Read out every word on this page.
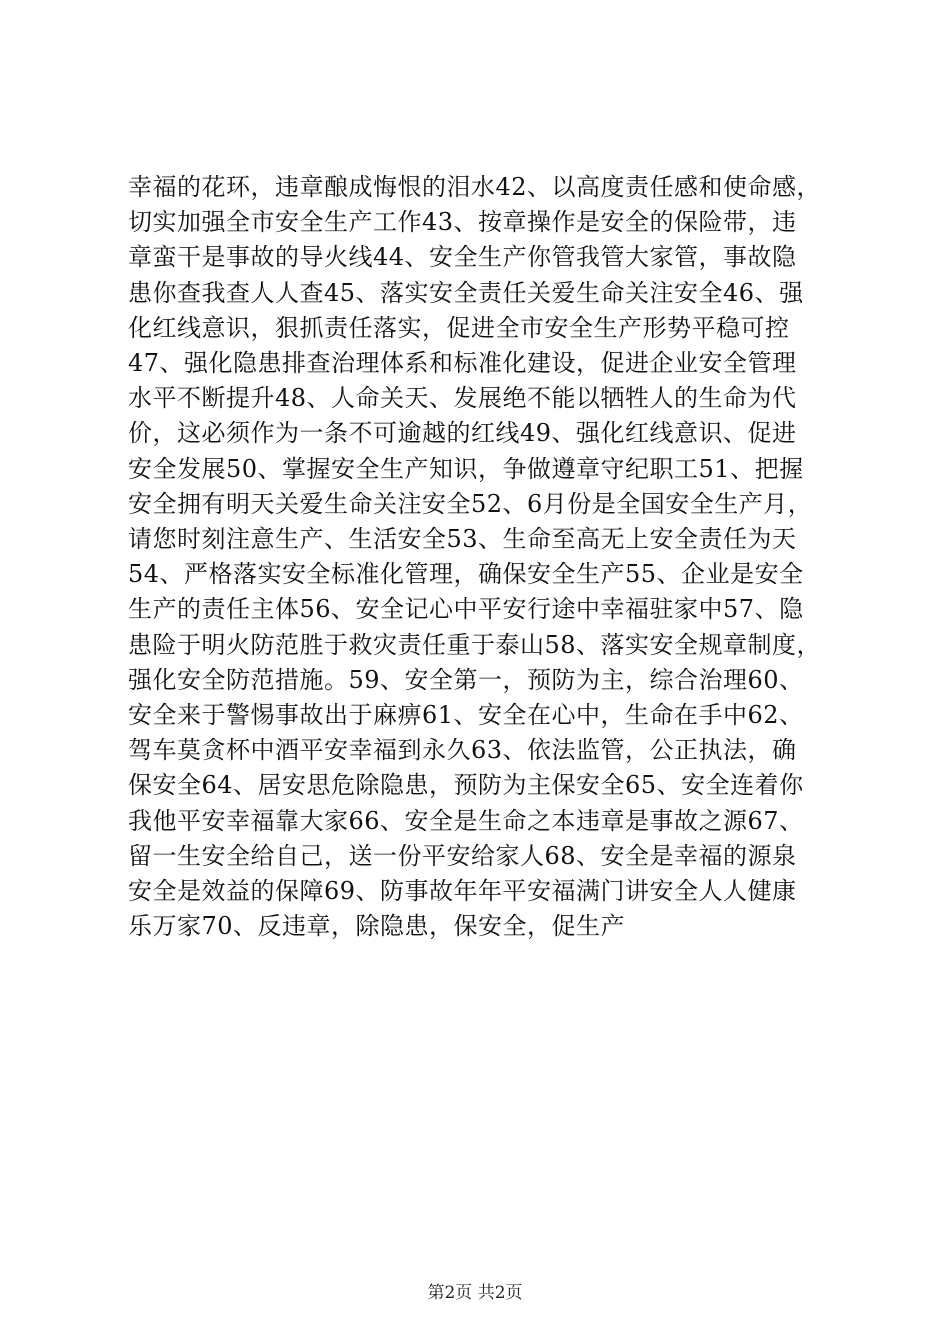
幸福的花环，违章酿成悔恨的泪水42、以高度责任感和使命感，
切实加强全市安全生产工作43、按章操作是安全的保险带，违
章蛮干是事故的导火线44、安全生产你管我管大家管，事故隐
患你查我查人人查45、落实安全责任关爱生命关注安全46、强
化红线意识，狠抓责任落实，促进全市安全生产形势平稳可控
47、强化隐患排查治理体系和标准化建设，促进企业安全管理
水平不断提升48、人命关天、发展绝不能以牺牲人的生命为代
价，这必须作为一条不可逾越的红线49、强化红线意识、促进
安全发展50、掌握安全生产知识，争做遵章守纪职工51、把握
安全拥有明天关爱生命关注安全52、6月份是全国安全生产月，
请您时刻注意生产、生活安全53、生命至高无上安全责任为天
54、严格落实安全标准化管理，确保安全生产55、企业是安全
生产的责任主体56、安全记心中平安行途中幸福驻家中57、隐
患险于明火防范胜于救灾责任重于泰山58、落实安全规章制度，
强化安全防范措施。59、安全第一，预防为主，综合治理60、
安全来于警惕事故出于麻痹61、安全在心中，生命在手中62、
驾车莫贪杯中酒平安幸福到永久63、依法监管，公正执法，确
保安全64、居安思危除隐患，预防为主保安全65、安全连着你
我他平安幸福靠大家66、安全是生命之本违章是事故之源67、
留一生安全给自己，送一份平安给家人68、安全是幸福的源泉
安全是效益的保障69、防事故年年平安福满门讲安全人人健康
乐万家70、反违章，除隐患，保安全，促生产
第2页 共2页
